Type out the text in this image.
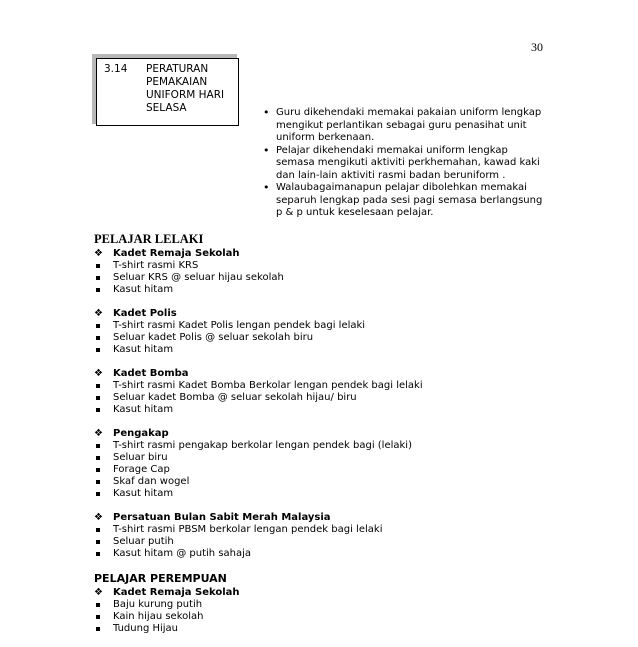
30
3.14 PERATURAN
PEMAKAIAN
UNIFORM HARI
SELASA
•	Guru dikehendaki memakai pakaian uniform lengkap mengikut perlantikan sebagai guru penasihat unit uniform berkenaan.
• Pelajar dikehendaki memakai uniform lengkap semasa mengikuti aktiviti perkhemahan, kawad kaki dan lain-lain aktiviti rasmi badan beruniform .
• Walaubagaimanapun pelajar dibolehkan memakai separuh lengkap pada sesi pagi semasa berlangsung p & p untuk keselesaan pelajar.
PELAJAR LELAKI
❖ Kadet Remaja Sekolah
T-shirt rasmi KRS
Seluar KRS @ seluar hijau sekolah
Kasut hitam
❖ Kadet Polis
T-shirt rasmi Kadet Polis lengan pendek bagi lelaki
Seluar kadet Polis @ seluar sekolah biru
Kasut hitam
❖ Kadet Bomba
T-shirt rasmi Kadet Bomba Berkolar lengan pendek bagi lelaki
Seluar kadet Bomba @ seluar sekolah hijau/ biru
Kasut hitam
❖ Pengakap
T-shirt rasmi pengakap berkolar lengan pendek bagi (lelaki)
Seluar biru
Forage Cap
Skaf dan wogel
Kasut hitam
❖ Persatuan Bulan Sabit Merah Malaysia
T-shirt rasmi PBSM berkolar lengan pendek bagi lelaki
Seluar putih
Kasut hitam @ putih sahaja
PELAJAR PEREMPUAN
❖ Kadet Remaja Sekolah
Baju kurung putih
Kain hijau sekolah
Tudung Hijau
